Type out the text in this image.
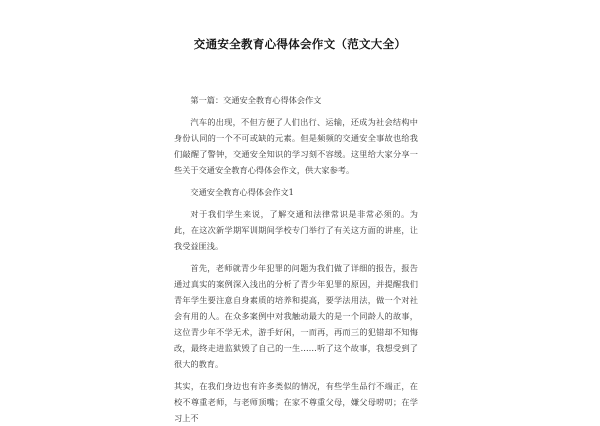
交通安全教育心得体会作文（范文大全）

第一篇：交通安全教育心得体会作文

汽车的出现，不但方便了人们出行、运输，还成为社会结构中身份认同的一个不可或缺的元素。但是频频的交通安全事故也给我们敲醒了警钟，交通安全知识的学习刻不容缓。这里给大家分享一些关于交通安全教育心得体会作文，供大家参考。

交通安全教育心得体会作文1

对于我们学生来说，了解交通和法律常识是非常必须的。为此，在这次新学期军训期间学校专门举行了有关这方面的讲座，让我受益匪浅。

首先，老师就青少年犯罪的问题为我们做了详细的报告，报告通过真实的案例深入浅出的分析了青少年犯罪的原因，并提醒我们青年学生要注意自身素质的培养和提高，要学法用法，做一个对社会有用的人。在众多案例中对我触动最大的是一个同龄人的故事，这位青少年不学无术，游手好闲，一而再，再而三的犯错却不知悔改，最终走进监狱毁了自己的一生……听了这个故事，我想受到了很大的教育。

其实，在我们身边也有许多类似的情况，有些学生品行不端正，在校不尊重老师，与老师顶嘴；在家不尊重父母，嫌父母唠叨；在学习上不
